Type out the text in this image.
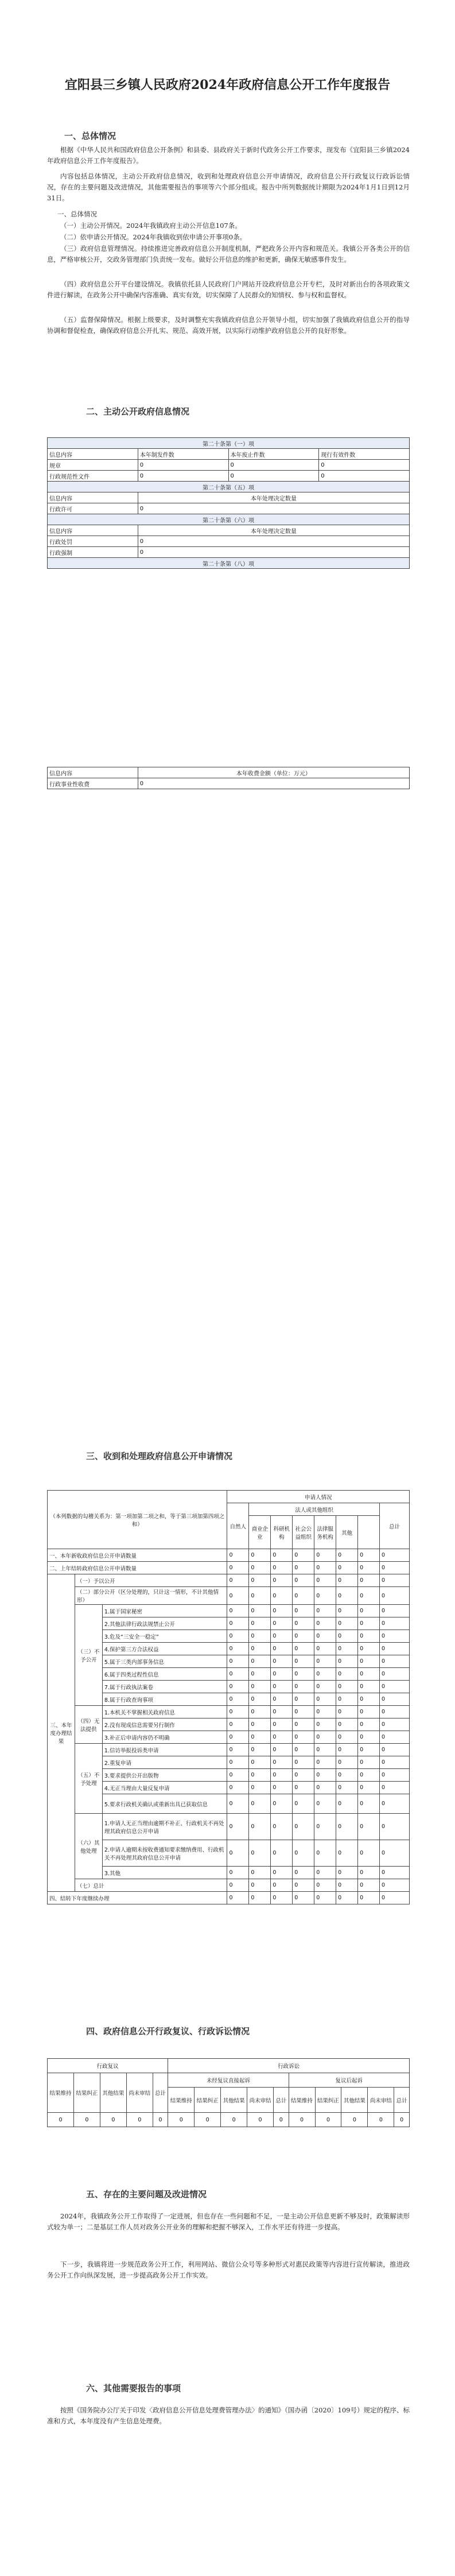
宜阳县三乡镇人民政府2024年政府信息公开工作年度报告
一、总体情况

根据《中华人民共和国政府信息公开条例》和县委、县政府关于新时代政务公开工作要求，现发布《宜阳县三乡镇2024年政府信息公开工作年度报告》。

内容包括总体情况，主动公开政府信息情况，收到和处理政府信息公开申请情况，政府信息公开行政复议行政诉讼情况，存在的主要问题及改进情况，其他需要报告的事项等六个部分组成。报告中所列数据统计期限为2024年1月1日到12月31日。

一、总体情况

（一）主动公开情况。2024年我镇政府主动公开信息107条。

（二）依申请公开情况。2024年我镇收到依申请公开事项0条。

（三）政府信息管理情况。持续推进完善政府信息公开制度机制，严把政务公开内容和规范关。我镇公开各类公开的信息，严格审核公开，交政务管理部门负责统一发布。做好公开信息的维护和更新，确保无敏感事件发生。

（四）政府信息公开平台建设情况。我镇依托县人民政府门户网站开设政府信息公开专栏，及时对新出台的各项政策文件进行解读，在政务公开中确保内容准确、真实有效，切实保障了人民群众的知情权、参与权和监督权。

（五）监督保障情况。根据上级要求，及时调整充实我镇政府信息公开领导小组，切实加强了我镇政府信息公开的指导协调和督促检查，确保政府信息公开扎实、规范、高效开展，以实际行动维护政府信息公开的良好形象。

二、主动公开政府信息情况
第二十条第（一）项			
信息内容	本年制发件数	本年废止件数	现行有效件数
规章	0	0	0
行政规范性文件	0	0	0
第二十条第（五）项			
信息内容	本年处理决定数量		
行政许可	0		
第二十条第（六）项			
信息内容	本年处理决定数量		
行政处罚	0		
行政强制	0		
第二十条第（八）项			
信息内容	本年收费金额（单位：万元）
行政事业性收费	0
三、收到和处理政府信息公开申请情况
（本列数据的勾稽关系为：第一项加第二项之和，等于第三项加第四项之和）			申请人情况							
			自然人	法人或其他组织						总计
				商业企业	科研机构	社会公益组织	法律服务机构	其他		
一、本年新收政府信息公开申请数量			0	0	0	0	0	0	0	0
二、上年结转政府信息公开申请数量			0	0	0	0	0	0	0	0
三、本年度办理结果	（一）予以公开		0	0	0	0	0	0	0	0
	（二）部分公开（区分处理的，只计这一情形，不计其他情形）		0	0	0	0	0	0	0	0
	（三）不予公开	1.属于国家秘密	0	0	0	0	0	0	0	0
		2.其他法律行政法规禁止公开	0	0	0	0	0	0	0	0
		3.危及“三安全一稳定”	0	0	0	0	0	0	0	0
		4.保护第三方合法权益	0	0	0	0	0	0	0	0
		5.属于三类内部事务信息	0	0	0	0	0	0	0	0
		6.属于四类过程性信息	0	0	0	0	0	0	0	0
		7.属于行政执法案卷	0	0	0	0	0	0	0	0
		8.属于行政查询事项	0	0	0	0	0	0	0	0
	（四）无法提供	1.本机关不掌握相关政府信息	0	0	0	0	0	0	0	0
		2.没有现成信息需要另行制作	0	0	0	0	0	0	0	0
		3.补正后申请内容仍不明确	0	0	0	0	0	0	0	0
	（五）不予处理	1.信访举报投诉类申请	0	0	0	0	0	0	0	0
		2.重复申请	0	0	0	0	0	0	0	0
		3.要求提供公开出版物	0	0	0	0	0	0	0	0
		4.无正当理由大量反复申请	0	0	0	0	0	0	0	0
		5.要求行政机关确认或重新出具已获取信息	0	0	0	0	0	0	0	0
	（六）其他处理	1.申请人无正当理由逾期不补正、行政机关不再处理其政府信息公开申请	0	0	0	0	0	0	0	0
		2.申请人逾期未按收费通知要求缴纳费用、行政机关不再处理其政府信息公开申请	0	0	0	0	0	0	0	0
		3.其他	0	0	0	0	0	0	0	0
	（七）总计		0	0	0	0	0	0	0	0
四、结转下年度继续办理			0	0	0	0	0	0	0	0
四、政府信息公开行政复议、行政诉讼情况
行政复议					行政诉讼									
结果维持	结果纠正	其他结果	尚未审结	总计	未经复议直接起诉					复议后起诉				
					结果维持	结果纠正	其他结果	尚未审结	总计	结果维持	结果纠正	其他结果	尚未审结	总计
0	0	0	0	0	0	0	0	0	0	0	0	0	0	0
五、存在的主要问题及改进情况

2024年，我镇政务公开工作取得了一定进展，但也存在一些问题和不足，一是主动公开信息更新不够及时，政策解读形式较为单一；二是基层工作人员对政务公开业务的理解和把握不够深入，工作水平还有待进一步提高。

下一步，我镇将进一步规范政务公开工作，利用网站、微信公众号等多种形式对惠民政策等内容进行宣传解读，推进政务公开工作向纵深发展，进一步提高政务公开工作实效。

六、其他需要报告的事项

按照《国务院办公厅关于印发〈政府信息公开信息处理费管理办法〉的通知》（国办函〔2020〕109号）规定的程序、标准和方式，本年度没有产生信息处理费。
